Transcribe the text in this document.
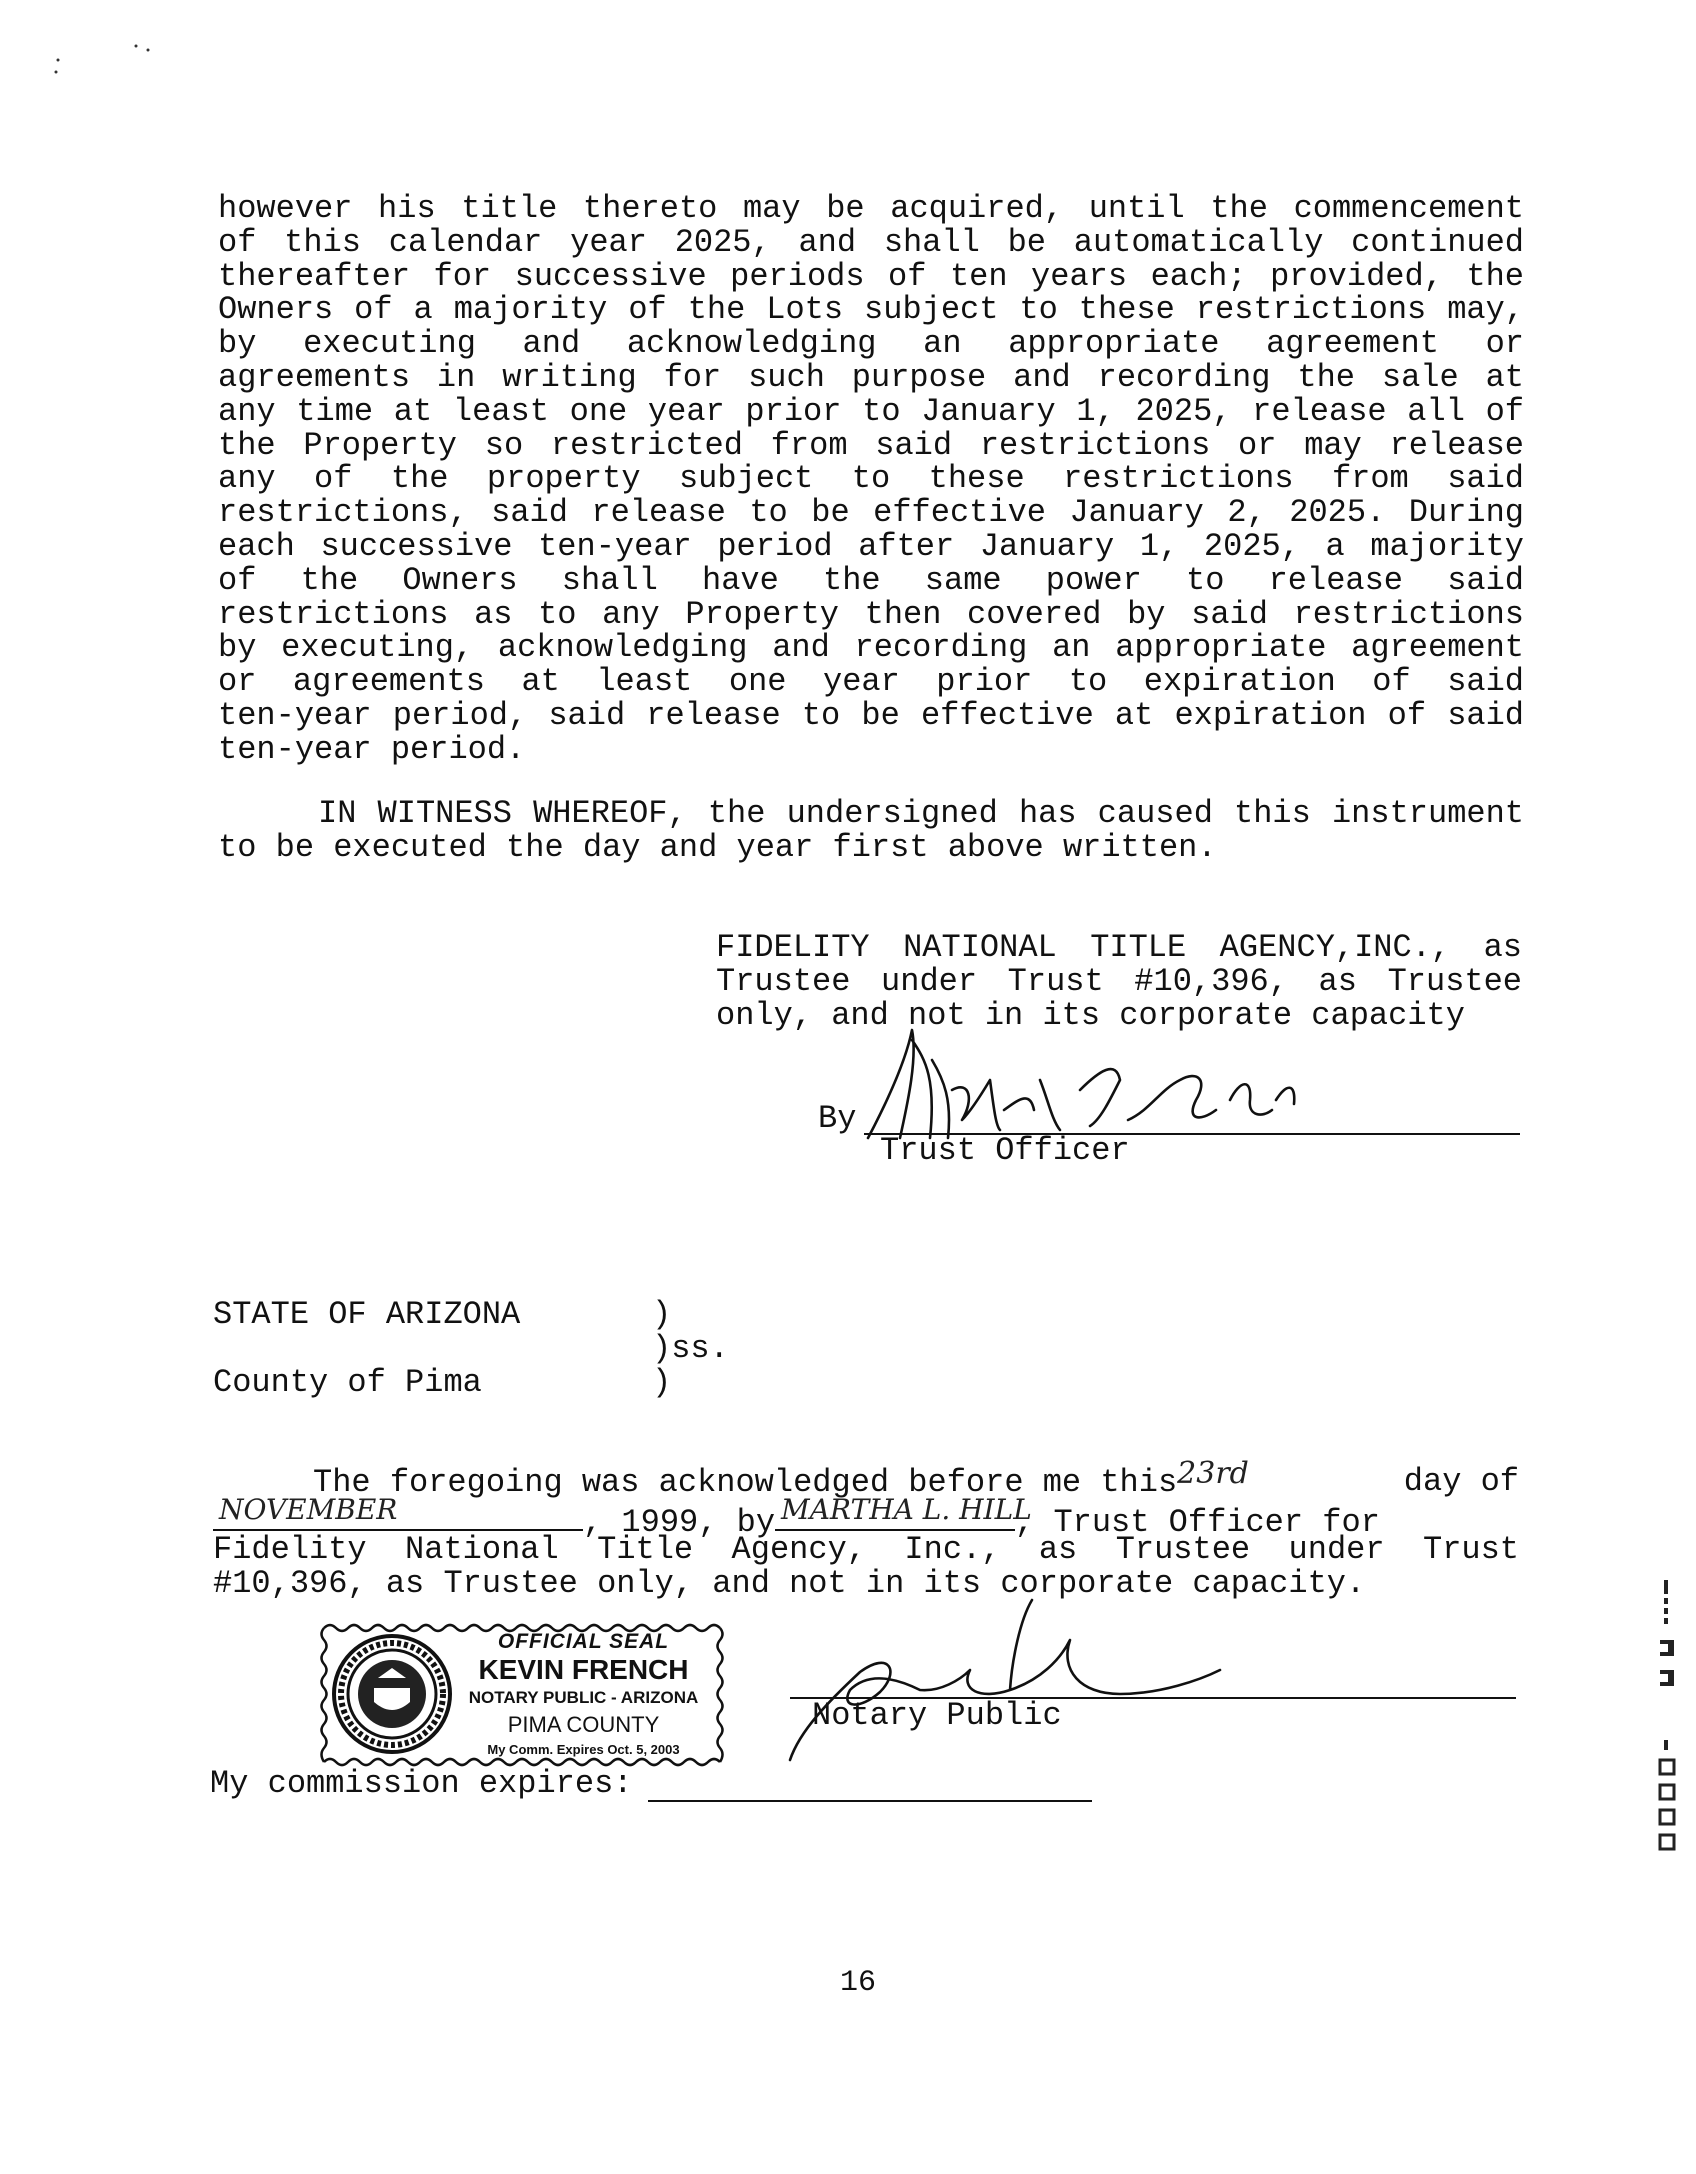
however his title thereto may be acquired, until the commencement
of this calendar year 2025, and shall be automatically continued
thereafter for successive periods of ten years each; provided, the
Owners of a majority of the Lots subject to these restrictions may,
by executing and acknowledging an appropriate agreement or
agreements in writing for such purpose and recording the sale at
any time at least one year prior to January 1, 2025, release all of
the Property so restricted from said restrictions or may release
any of the property subject to these restrictions from said
restrictions, said release to be effective January 2, 2025. During
each successive ten-year period after January 1, 2025, a majority
of the Owners shall have the same power to release said
restrictions as to any Property then covered by said restrictions
by executing, acknowledging and recording an appropriate agreement
or agreements at least one year prior to expiration of said
ten-year period, said release to be effective at expiration of said
ten-year period.
IN WITNESS WHEREOF, the undersigned has caused this instrument
to be executed the day and year first above written.
FIDELITY NATIONAL TITLE AGENCY,INC., as
Trustee under Trust #10,396, as Trustee
only, and not in its corporate capacity
By
Trust Officer
STATE OF ARIZONA

County of Pima
)
)ss.
)
The foregoing was acknowledged before me this23rd	day of
NOVEMBER	, 1999, by MARTHA L. HILL
, Trust Officer for
Fidelity National Title Agency, Inc., as Trustee under Trust
#10,396, as Trustee only, and not in its corporate capacity.
OFFICIAL SEAL
KEVIN FRENCH
NOTARY PUBLIC - ARIZONA
PIMA COUNTY
My Comm. Expires Oct. 5, 2003
Notary Public
My commission expires:
16
